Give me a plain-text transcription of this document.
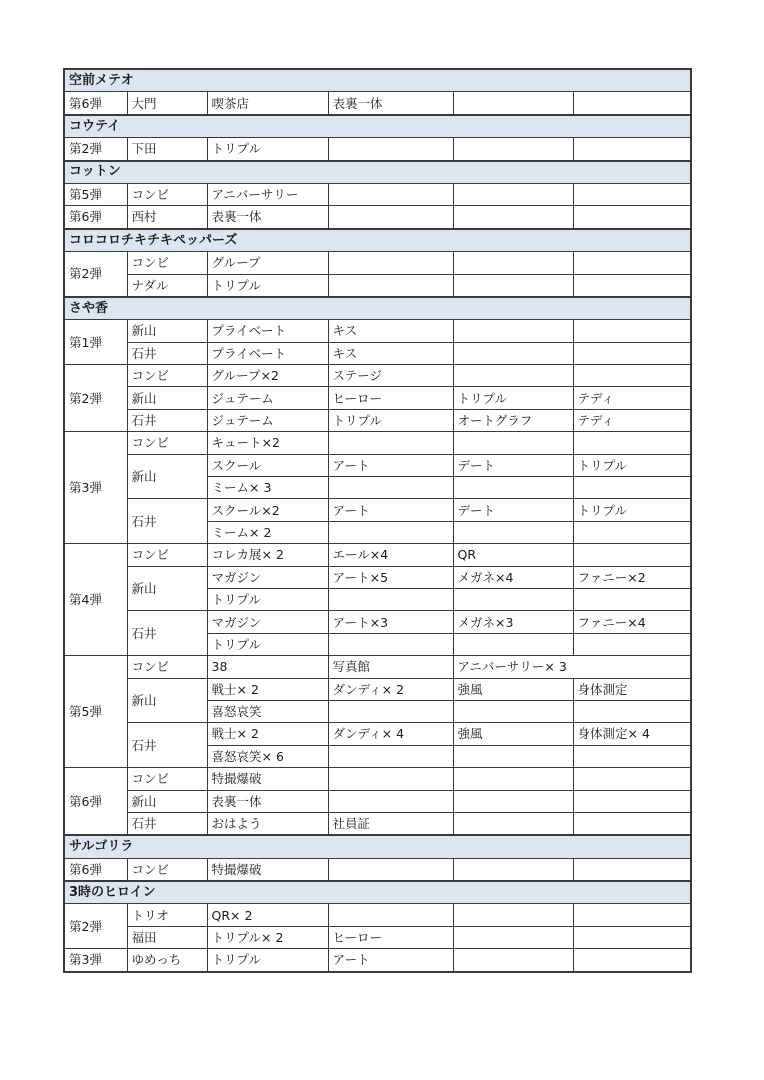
空前メテオ					
第6弾	大門	喫茶店	表裏一体		
コウテイ					
第2弾	下田	トリプル			
コットン					
第5弾	コンビ	アニバーサリー			
第6弾	西村	表裏一体			
コロコロチキチキペッパーズ					
第2弾	コンビ	グループ			
	ナダル	トリプル			
さや香					
第1弾	新山	プライベート	キス		
	石井	プライベート	キス		
第2弾	コンビ	グループ×2	ステージ		
	新山	ジュテーム	ヒーロー	トリプル	テディ
	石井	ジュテーム	トリプル	オートグラフ	テディ
第3弾	コンビ	キュート×2			
	新山	スクール	アート	デート	トリプル
		ミーム× 3			
	石井	スクール×2	アート	デート	トリプル
		ミーム× 2			
第4弾	コンビ	コレカ展× 2	エール×4	QR	
	新山	マガジン	アート×5	メガネ×4	ファニー×2
		トリプル			
	石井	マガジン	アート×3	メガネ×3	ファニー×4
		トリプル			
第5弾	コンビ	38	写真館	アニバーサリー× 3	
	新山	戦士× 2	ダンディ× 2	強風	身体測定
		喜怒哀笑			
	石井	戦士× 2	ダンディ× 4	強風	身体測定× 4
		喜怒哀笑× 6			
第6弾	コンビ	特撮爆破			
	新山	表裏一体			
	石井	おはよう	社員証		
サルゴリラ					
第6弾	コンビ	特撮爆破			
3時のヒロイン					
第2弾	トリオ	QR× 2			
	福田	トリプル× 2	ヒーロー		
第3弾	ゆめっち	トリプル	アート		
